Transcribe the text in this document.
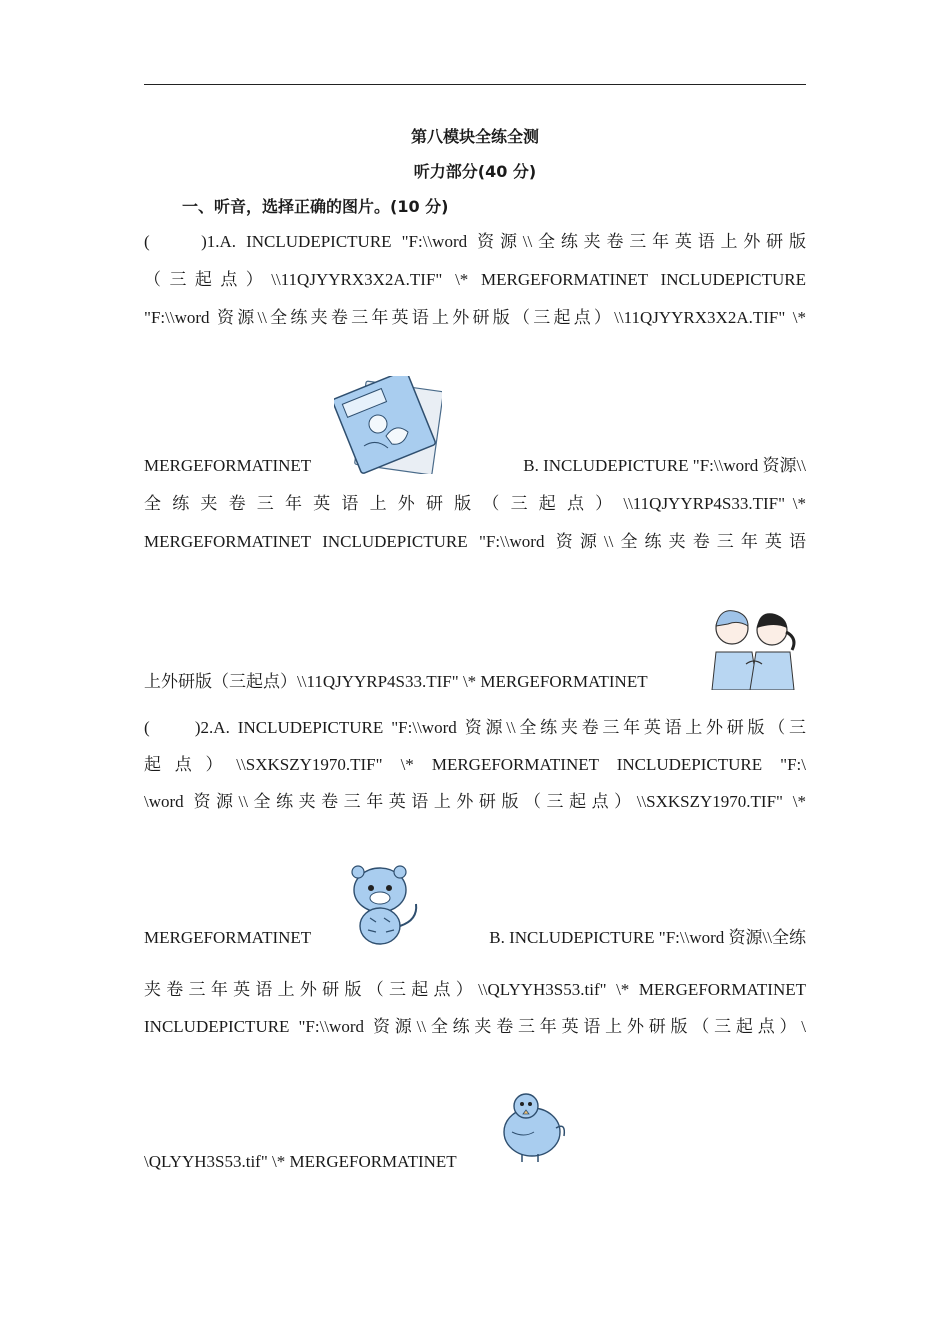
第八模块全练全测
听力部分(40 分)
一、听音，选择正确的图片。(10 分)
(　　)1.A. INCLUDEPICTURE "F:\\word 资源\\全练夹卷三年英语上外研版
（三起点）\\11QJYYRX3X2A.TIF" \* MERGEFORMATINET INCLUDEPICTURE
"F:\\word 资源\\全练夹卷三年英语上外研版（三起点）\\11QJYYRX3X2A.TIF" \*
MERGEFORMATINET	B. INCLUDEPICTURE "F:\\word 资源\\
全 练 夹 卷 三 年 英 语 上 外 研 版 （ 三 起 点 ） \\11QJYYRP4S33.TIF" \*
MERGEFORMATINET INCLUDEPICTURE "F:\\word 资源\\全练夹卷三年英语
上外研版（三起点）\\11QJYYRP4S33.TIF" \* MERGEFORMATINET
(　　)2.A. INCLUDEPICTURE "F:\\word 资源\\全练夹卷三年英语上外研版（三
起点）\\SXKSZY1970.TIF" \* MERGEFORMATINET INCLUDEPICTURE "F:\
\word 资源\\全练夹卷三年英语上外研版（三起点）\\SXKSZY1970.TIF" \*
MERGEFORMATINET	B. INCLUDEPICTURE "F:\\word 资源\\全练
夹卷三年英语上外研版（三起点）\\QLYYH3S53.tif" \* MERGEFORMATINET
INCLUDEPICTURE "F:\\word 资源\\全练夹卷三年英语上外研版（三起点）\
\QLYYH3S53.tif" \* MERGEFORMATINET
